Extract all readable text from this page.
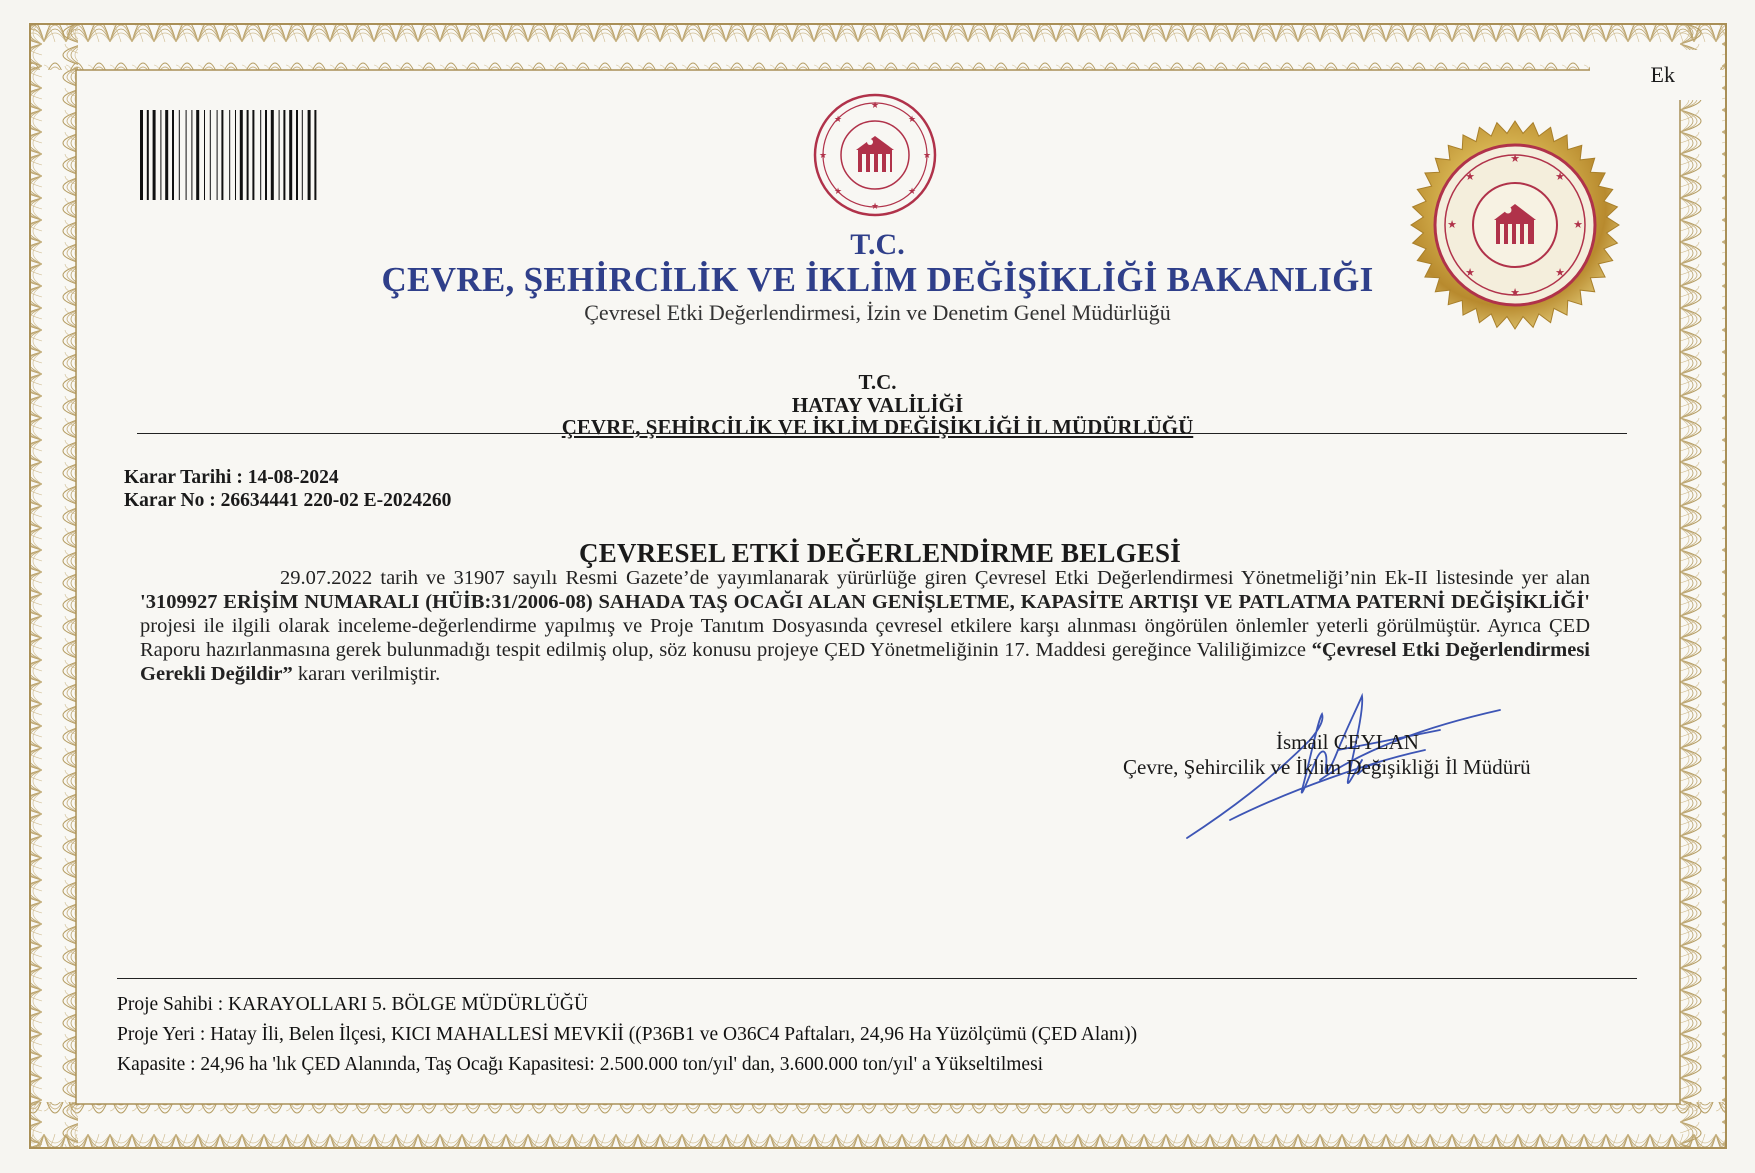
Ek
★
★
★
★
★
★
★
★
★
★
★
★
★
★
★
★
T.C.
ÇEVRE, ŞEHİRCİLİK VE İKLİM DEĞİŞİKLİĞİ BAKANLIĞI
Çevresel Etki Değerlendirmesi, İzin ve Denetim Genel Müdürlüğü
T.C.
HATAY VALİLİĞİ
ÇEVRE, ŞEHİRCİLİK VE İKLİM DEĞİŞİKLİĞİ İL MÜDÜRLÜĞÜ
Karar Tarihi : 14-08-2024
Karar No : 26634441 220-02 E-2024260
ÇEVRESEL ETKİ DEĞERLENDİRME BELGESİ
29.07.2022 tarih ve 31907 sayılı Resmi Gazete’de yayımlanarak yürürlüğe giren Çevresel Etki Değerlendirmesi Yönetmeliği’nin Ek-II listesinde yer alan '3109927 ERİŞİM NUMARALI (HÜİB:31/2006-08) SAHADA TAŞ OCAĞI ALAN GENİŞLETME, KAPASİTE ARTIŞI VE PATLATMA PATERNİ DEĞİŞİKLİĞİ' projesi ile ilgili olarak inceleme-değerlendirme yapılmış ve Proje Tanıtım Dosyasında çevresel etkilere karşı alınması öngörülen önlemler yeterli görülmüştür. Ayrıca ÇED Raporu hazırlanmasına gerek bulunmadığı tespit edilmiş olup, söz konusu projeye ÇED Yönetmeliğinin 17. Maddesi gereğince Valiliğimizce “Çevresel Etki Değerlendirmesi Gerekli Değildir” kararı verilmiştir.
İsmail CEYLAN
Çevre, Şehircilik ve İklim Değişikliği İl Müdürü
Proje Sahibi : KARAYOLLARI 5. BÖLGE MÜDÜRLÜĞÜ
Proje Yeri : Hatay İli, Belen İlçesi, KICI MAHALLESİ MEVKİİ ((P36B1 ve O36C4 Paftaları, 24,96 Ha Yüzölçümü (ÇED Alanı))
Kapasite : 24,96 ha 'lık ÇED Alanında, Taş Ocağı Kapasitesi: 2.500.000 ton/yıl' dan, 3.600.000 ton/yıl' a Yükseltilmesi
